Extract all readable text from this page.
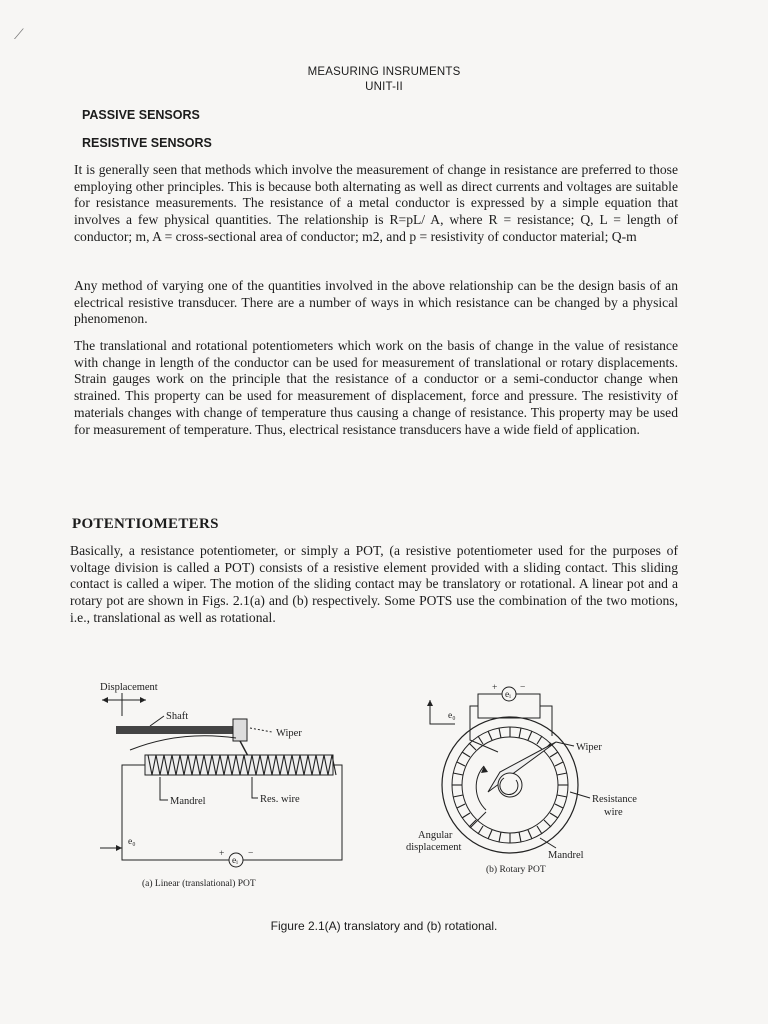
⟋
MEASURING INSRUMENTS
UNIT-II
PASSIVE SENSORS
RESISTIVE SENSORS

It is generally seen that methods which involve the measurement of change in resistance are preferred to those employing other principles. This is because both alternating as well as direct currents and voltages are suitable for resistance measurements. The resistance of a metal conductor is expressed by a simple equation that involves a few physical quantities. The relationship is R=pL/ A, where R = resistance; Q, L = length of conductor; m, A = cross-sectional area of conductor; m2, and p = resistivity of conductor material; Q-m

Any method of varying one of the quantities involved in the above relationship can be the design basis of an electrical resistive transducer. There are a number of ways in which resistance can be changed by a physical phenomenon.

The translational and rotational potentiometers which work on the basis of change in the value of resistance with change in length of the conductor can be used for measurement of translational or rotary displacements. Strain gauges work on the principle that the resistance of a conductor or a semi-conductor change when strained. This property can be used for measurement of displacement, force and pressure. The resistivity of materials changes with change of temperature thus causing a change of resistance. This property may be used for measurement of temperature. Thus, electrical resistance transducers have a wide field of application.

POTENTIOMETERS

Basically, a resistance potentiometer, or simply a POT, (a resistive potentiometer used for the purposes of voltage division is called a POT) consists of a resistive element provided with a sliding contact. This sliding contact is called a wiper. The motion of the sliding contact may be translatory or rotational. A linear pot and a rotary pot are shown in Figs. 2.1(a) and (b) respectively. Some POTS use the combination of the two motions, i.e., translational as well as rotational.

Displacement
Shaft
Wiper
Mandrel	Res. wire
e₀
eᵢ
+ −
(a) Linear (translational) POT
eᵢ
+ −
e₀
Wiper
Resistance
wire
Angular
displacement
Mandrel
(b) Rotary POT
Figure 2.1(A) translatory and (b) rotational.
